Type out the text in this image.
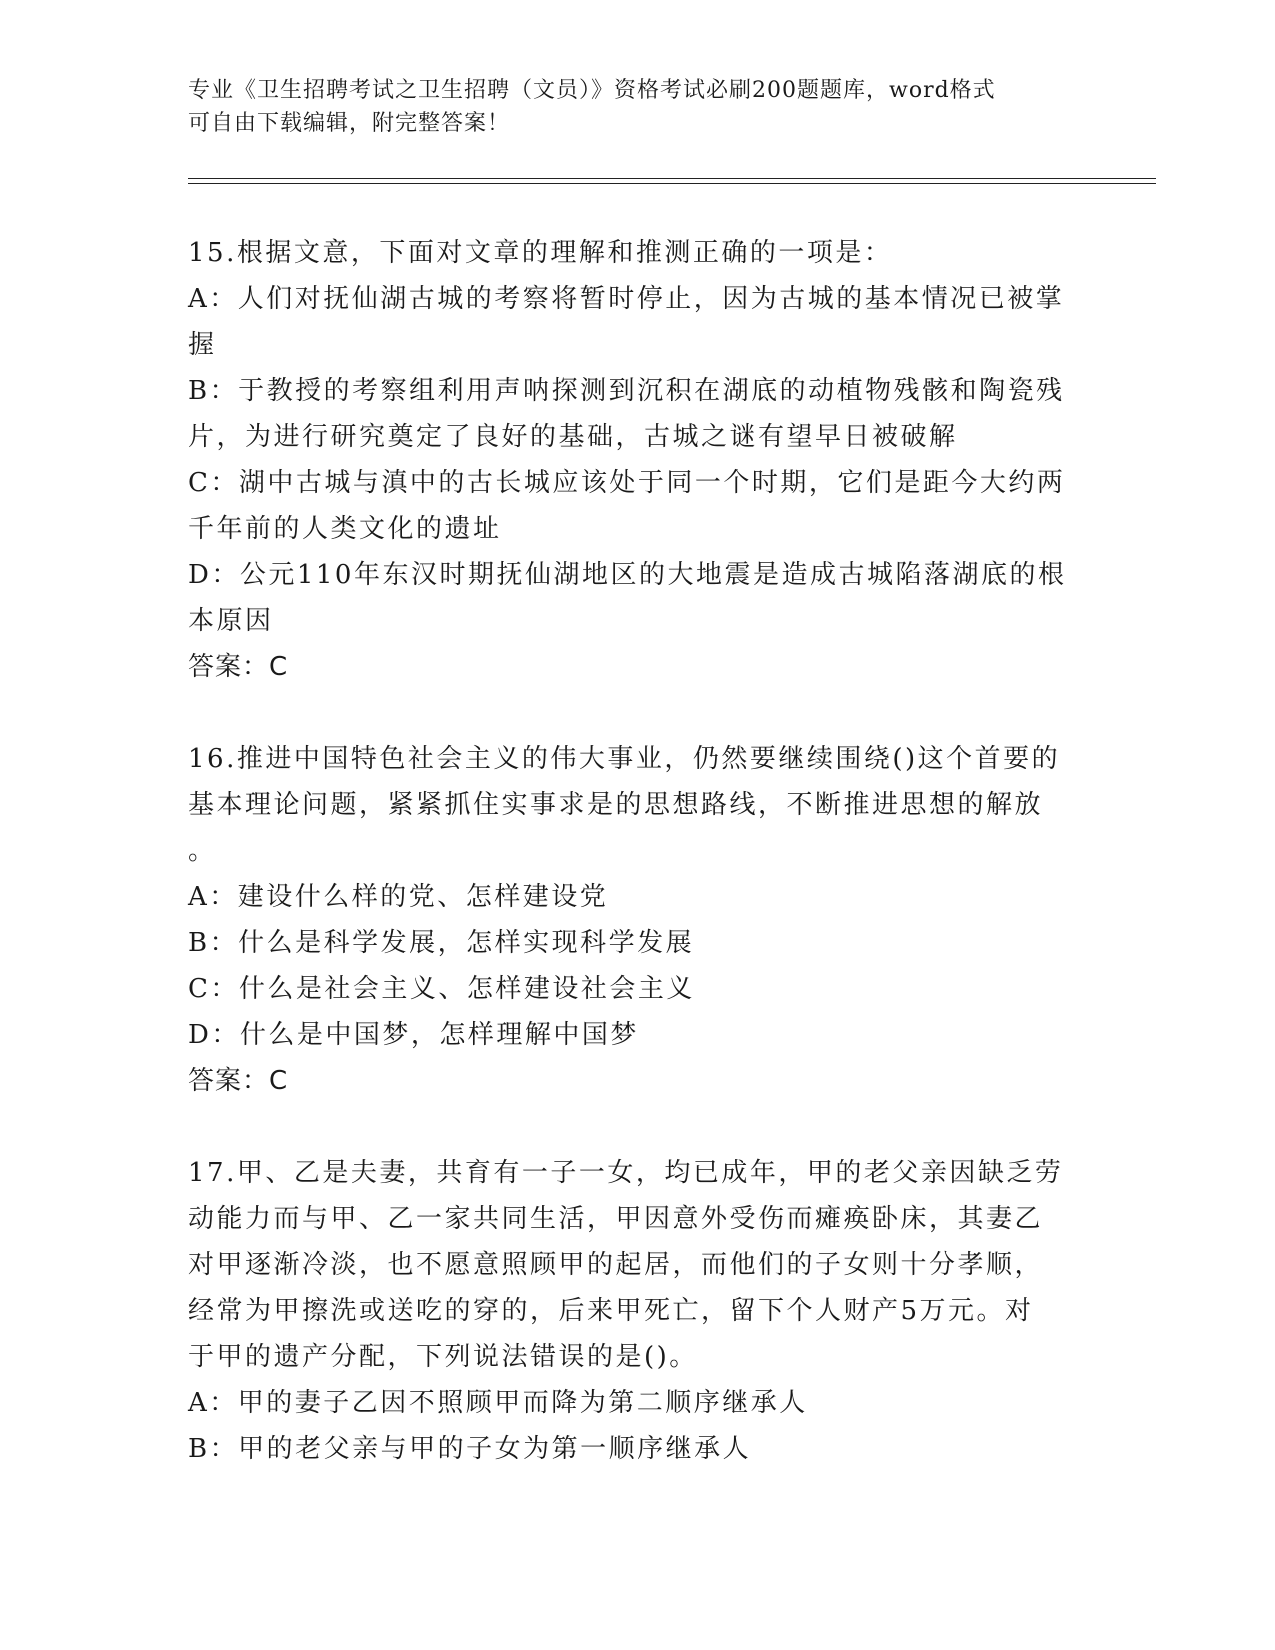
专业《卫生招聘考试之卫生招聘（文员）》资格考试必刷200题题库，word格式
可自由下载编辑，附完整答案！
15.根据文意，下面对文章的理解和推测正确的一项是：
A：人们对抚仙湖古城的考察将暂时停止，因为古城的基本情况已被掌
握
B：于教授的考察组利用声呐探测到沉积在湖底的动植物残骸和陶瓷残
片，为进行研究奠定了良好的基础，古城之谜有望早日被破解
C：湖中古城与滇中的古长城应该处于同一个时期，它们是距今大约两
千年前的人类文化的遗址
D：公元110年东汉时期抚仙湖地区的大地震是造成古城陷落湖底的根
本原因
答案：C
16.推进中国特色社会主义的伟大事业，仍然要继续围绕()这个首要的
基本理论问题，紧紧抓住实事求是的思想路线，不断推进思想的解放
。
A：建设什么样的党、怎样建设党
B：什么是科学发展，怎样实现科学发展
C：什么是社会主义、怎样建设社会主义
D：什么是中国梦，怎样理解中国梦
答案：C
17.甲、乙是夫妻，共育有一子一女，均已成年，甲的老父亲因缺乏劳
动能力而与甲、乙一家共同生活，甲因意外受伤而瘫痪卧床，其妻乙
对甲逐渐冷淡，也不愿意照顾甲的起居，而他们的子女则十分孝顺，
经常为甲擦洗或送吃的穿的，后来甲死亡，留下个人财产5万元。对
于甲的遗产分配，下列说法错误的是()。
A：甲的妻子乙因不照顾甲而降为第二顺序继承人
B：甲的老父亲与甲的子女为第一顺序继承人
